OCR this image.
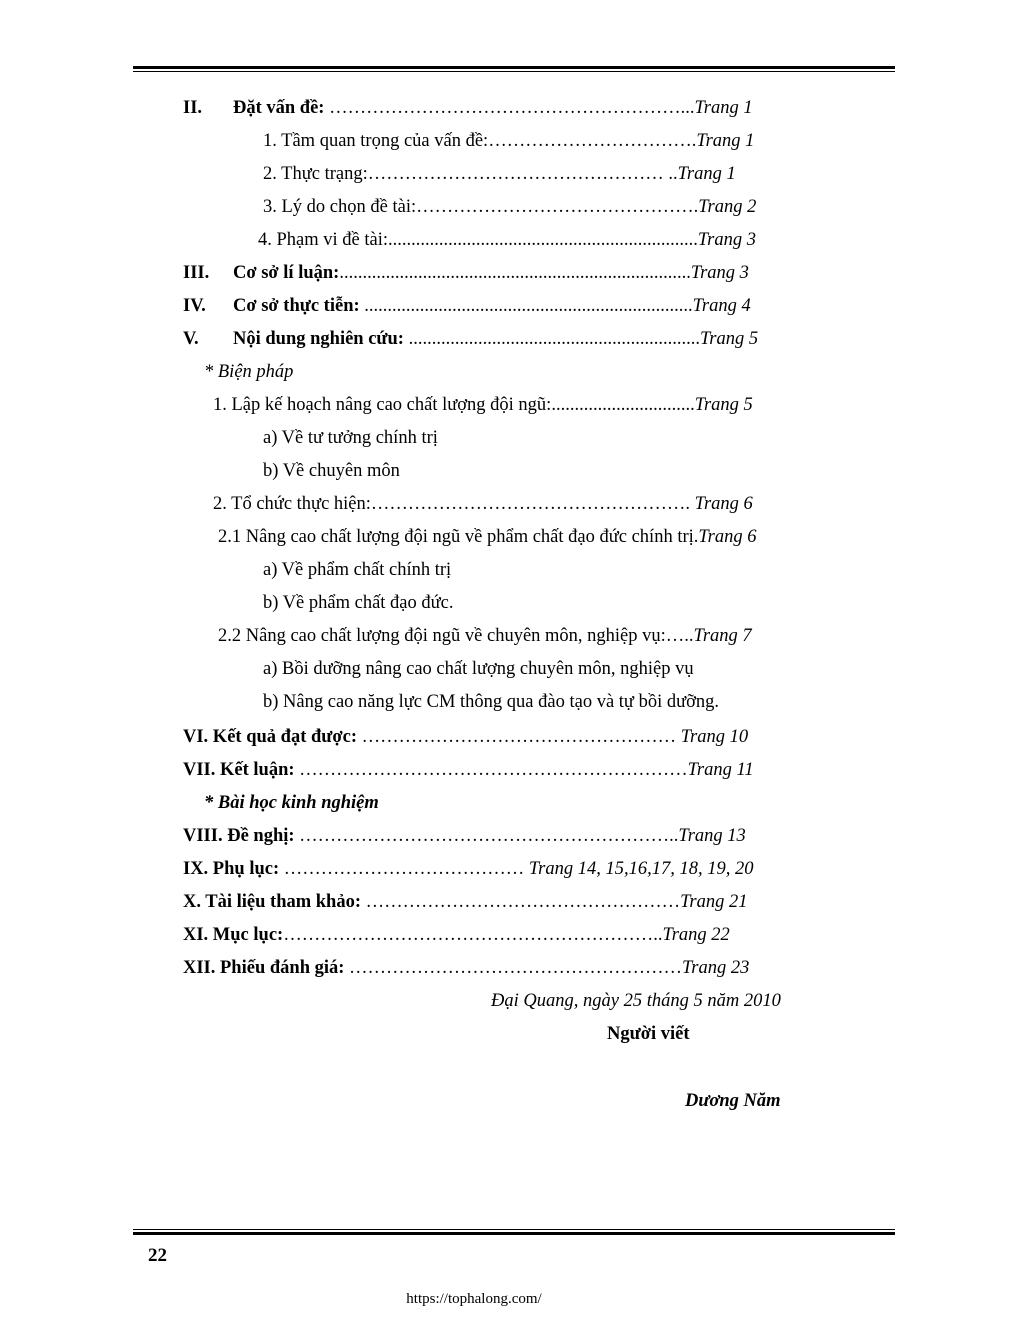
II. Đặt vấn đề: …………………………………………………...Trang 1
1. Tầm quan trọng của vấn đề:…………………………….Trang 1
2. Thực trạng:………………………………………… ..Trang 1
3. Lý do chọn đề tài:……………………………………….Trang 2
4. Phạm vi đề tài:...................................................................Trang 3
III. Cơ sở lí luận:............................................................................Trang 3
IV. Cơ sở thực tiễn: .......................................................................Trang 4
V. Nội dung nghiên cứu: ...............................................................Trang 5
* Biện pháp
1. Lập kế hoạch nâng cao chất lượng đội ngũ:...............................Trang 5
a) Về tư tưởng chính trị
b) Về chuyên môn
2. Tổ chức thực hiện:……………………………………………. Trang 6
2.1 Nâng cao chất lượng đội ngũ về phẩm chất đạo đức chính trị.Trang 6
a) Về phẩm chất chính trị
b) Về phẩm chất đạo đức.
2.2 Nâng cao chất lượng đội ngũ về chuyên môn, nghiệp vụ:…..Trang 7
a) Bồi dưỡng nâng cao chất lượng chuyên môn, nghiệp vụ
b) Nâng cao năng lực CM thông qua đào tạo và tự bồi dưỡng.
VI. Kết quả đạt được: …………………………………………… Trang 10
VII. Kết luận: ………………………………………………………Trang 11
* Bài học kinh nghiệm
VIII. Đề nghị: ……………………………………………………..Trang 13
IX. Phụ lục: ………………………………… Trang 14, 15,16,17, 18, 19, 20
X. Tài liệu tham khảo: ……………………………………………Trang 21
XI. Mục lục:……………………………………………………..Trang 22
XII. Phiếu đánh giá: ………………………………………………Trang 23
Đại Quang, ngày 25 tháng 5 năm 2010
Người viết
Dương Năm
22
https://tophalong.com/
